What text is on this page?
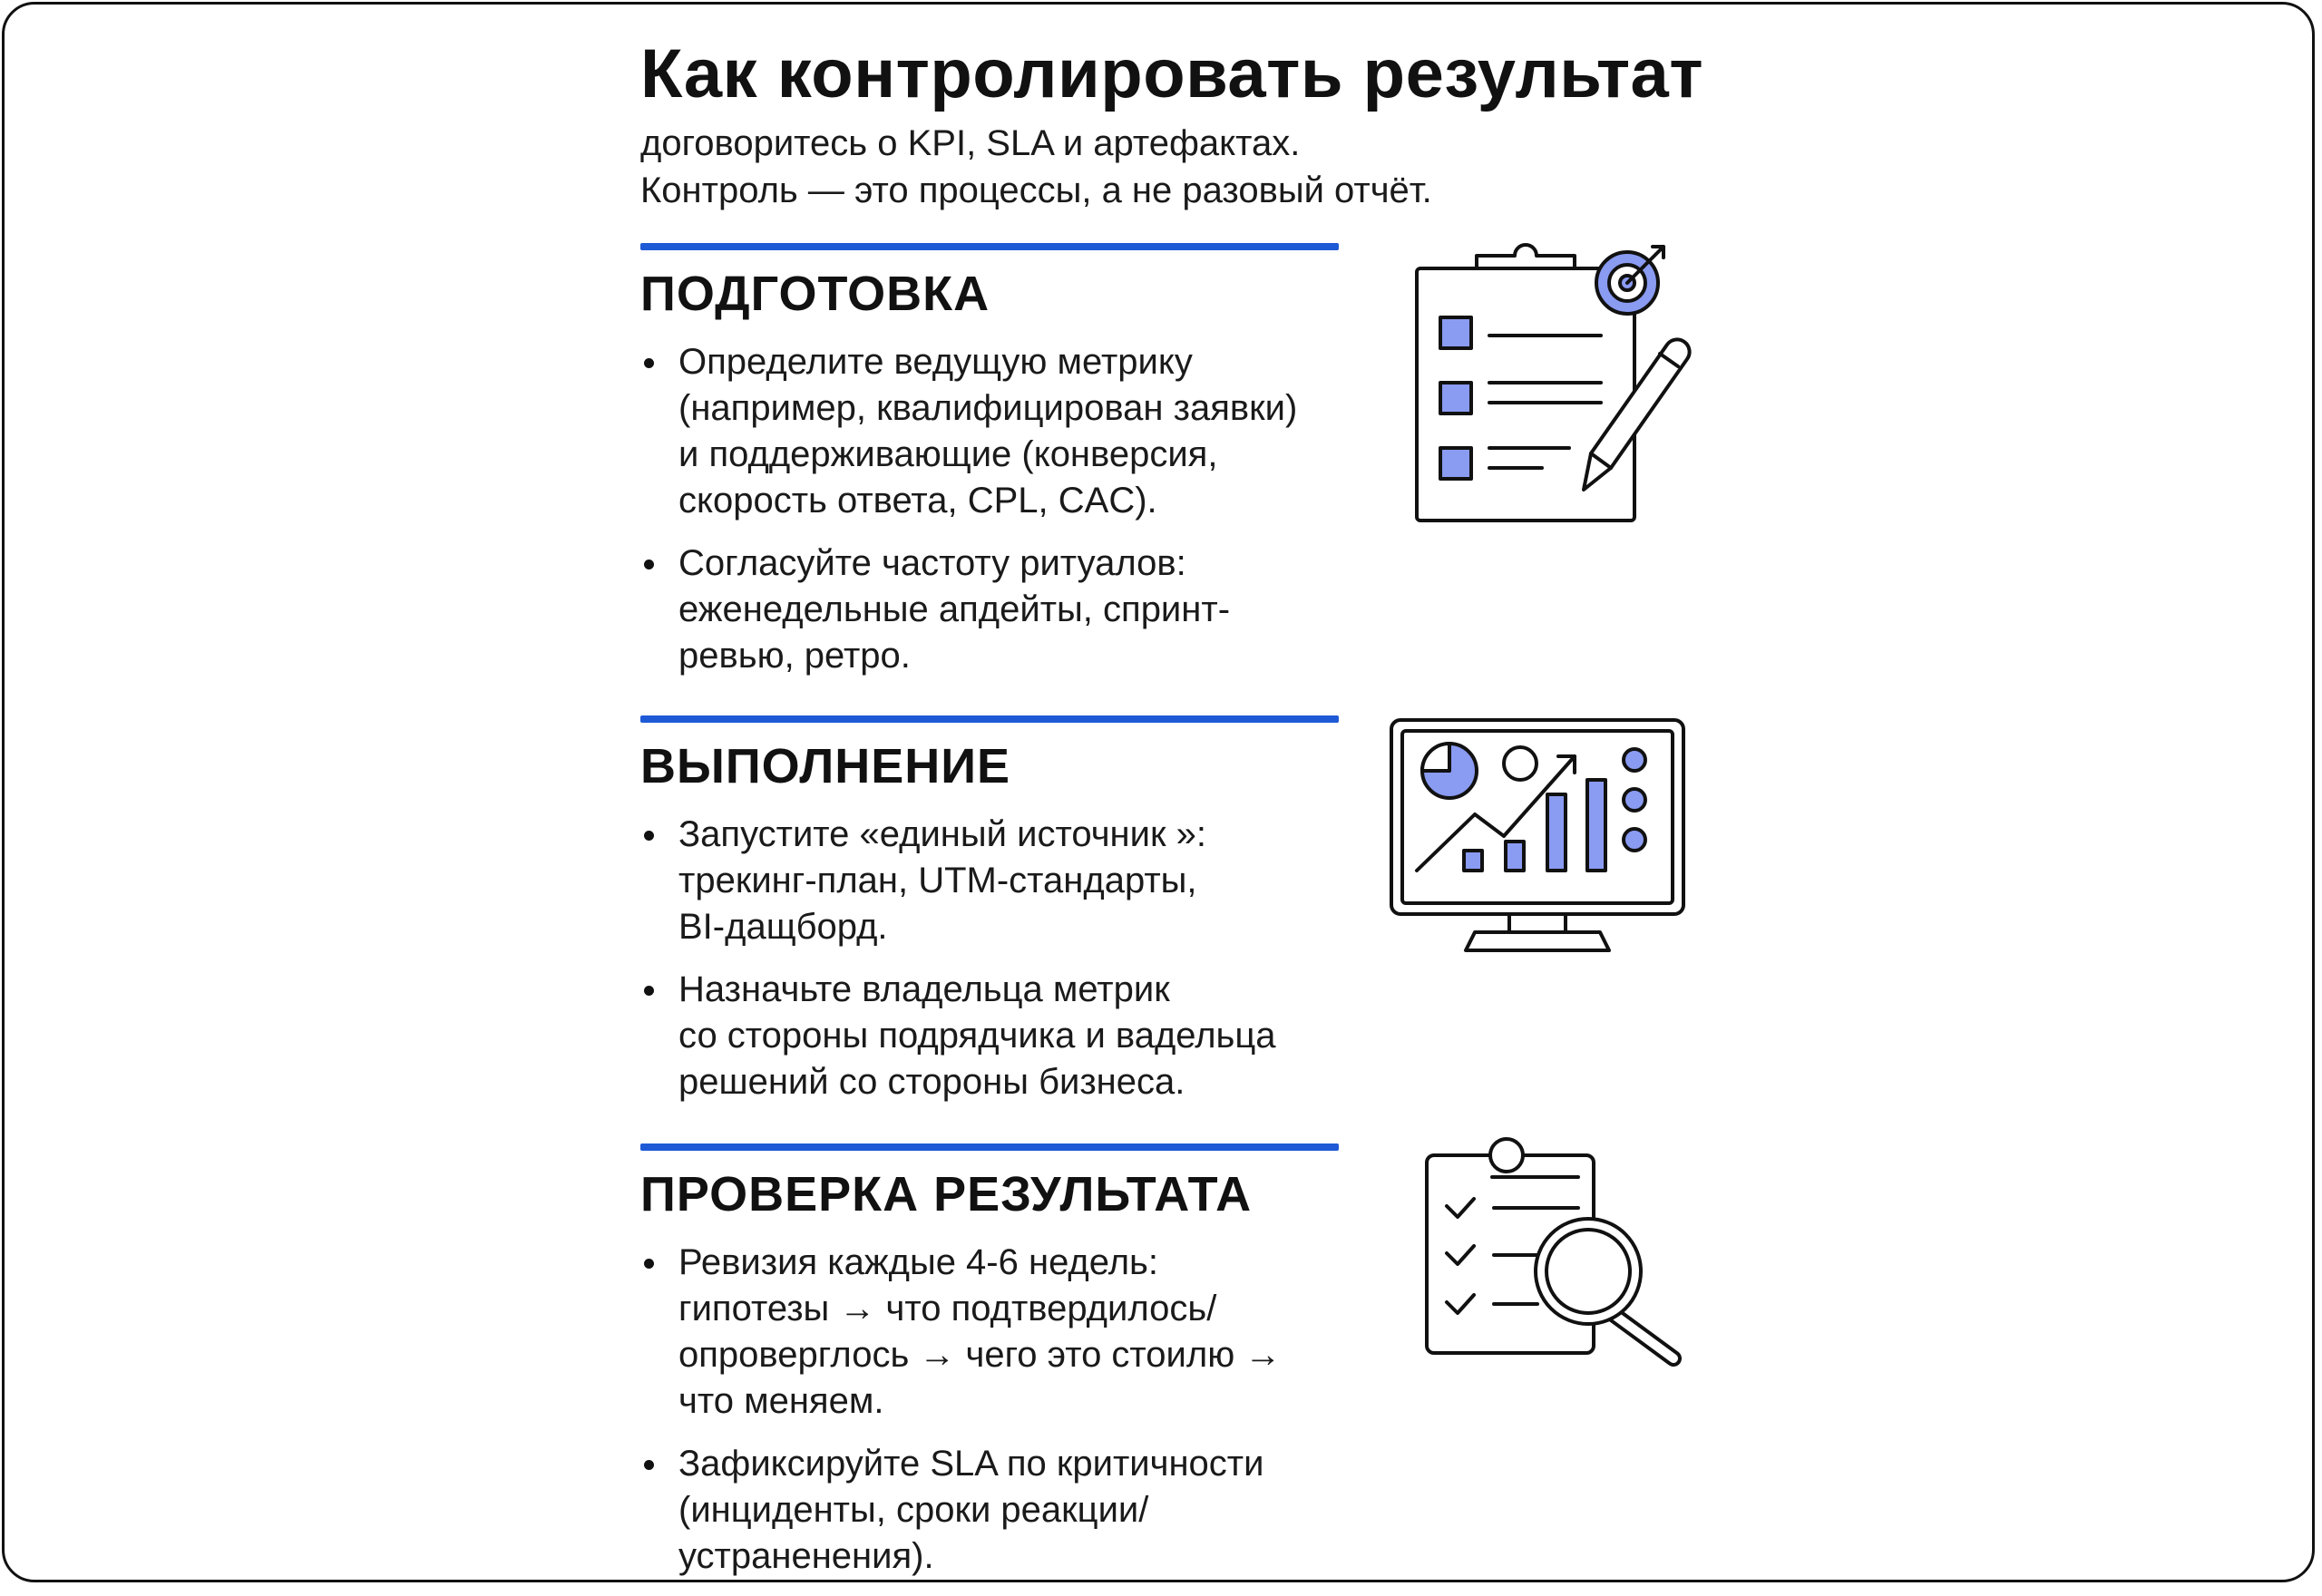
Как контролировать результат

договоритесь о KPI, SLA и артефактах.

Контроль — это процессы, а не разовый отчёт.

ПОДГОТОВКА
Определите ведущую метрику
(например, квалифицирован заявки)
и поддерживающие (конверсия,
скорость ответа, CPL, CAC).
Согласуйте частоту ритуалов:
еженедельные апдейты, спринт-
ревью, ретро.
ВЫПОЛНЕНИЕ
Запустите «единый источник »:
трекинг-план, UTM-стандарты,
BI-дащборд.
Назначьте владельца метрик
со стороны подрядчика и вадельца
решений со стороны бизнеса.
ПРОВЕРКА РЕЗУЛЬТАТА
Ревизия каждые 4-6 недель:
гипотезы → что подтвердилось/
опроверглось → чего это стоилю →
что меняем.
Зафиксируйте SLA по критичности
(инциденты, сроки реакции/устраненения).
